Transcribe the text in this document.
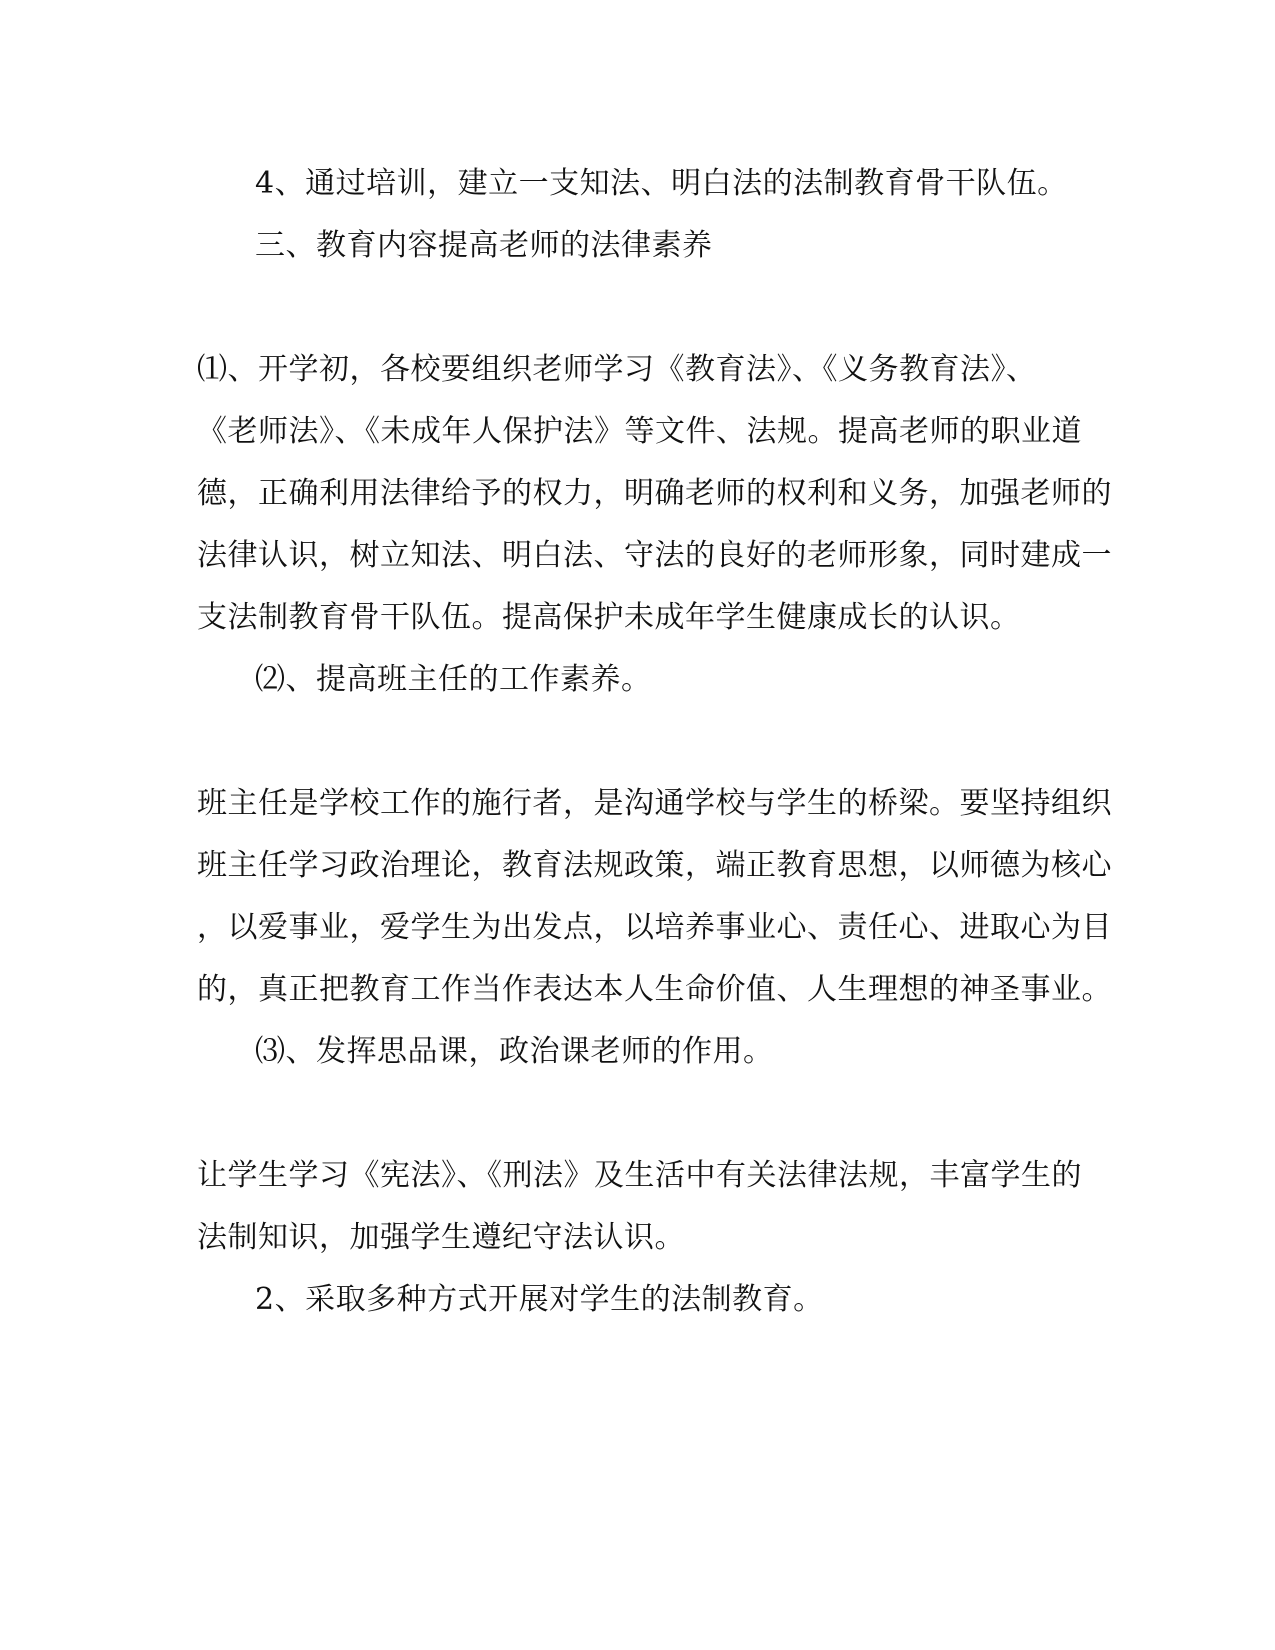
4、通过培训，建立一支知法、明白法的法制教育骨干队伍。
三、教育内容提高老师的法律素养
⑴、开学初，各校要组织老师学习《教育法》、《义务教育法》、
《老师法》、《未成年人保护法》等文件、法规。提高老师的职业道
德，正确利用法律给予的权力，明确老师的权利和义务，加强老师的
法律认识，树立知法、明白法、守法的良好的老师形象，同时建成一
支法制教育骨干队伍。提高保护未成年学生健康成长的认识。
⑵、提高班主任的工作素养。
班主任是学校工作的施行者，是沟通学校与学生的桥梁。要坚持组织
班主任学习政治理论，教育法规政策，端正教育思想，以师德为核心
，以爱事业，爱学生为出发点，以培养事业心、责任心、进取心为目
的，真正把教育工作当作表达本人生命价值、人生理想的神圣事业。
⑶、发挥思品课，政治课老师的作用。
让学生学习《宪法》、《刑法》及生活中有关法律法规，丰富学生的
法制知识，加强学生遵纪守法认识。
2、采取多种方式开展对学生的法制教育。
